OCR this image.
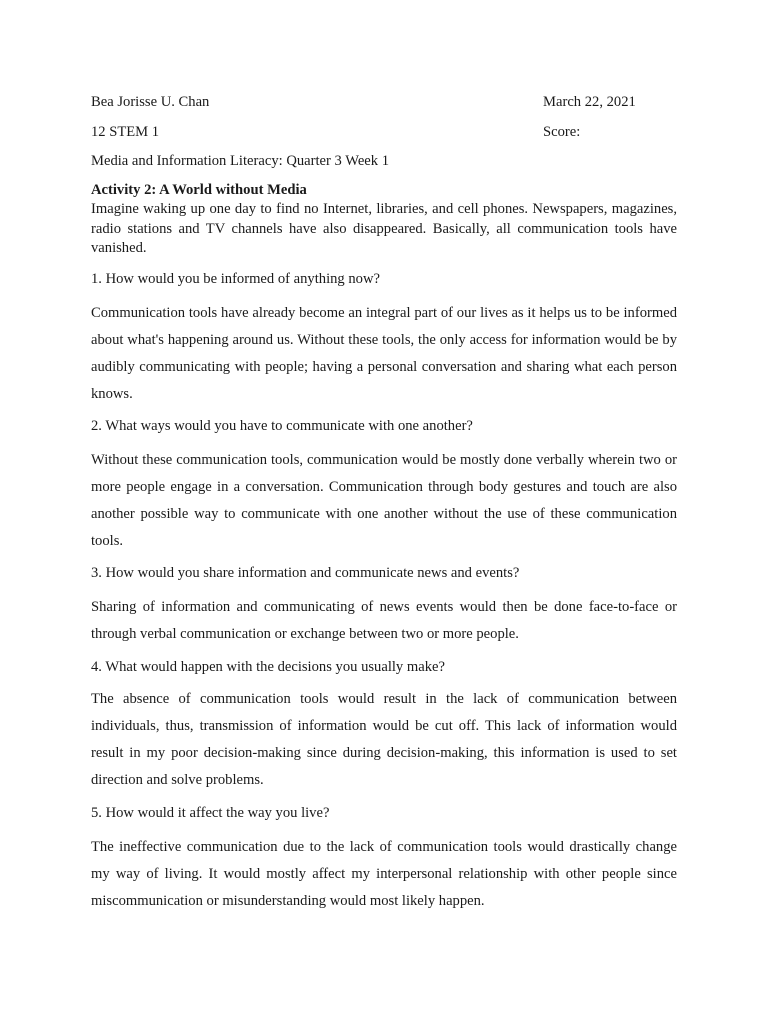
Bea Jorisse U. Chan	March 22, 2021
12 STEM 1	Score:
Media and Information Literacy: Quarter 3 Week 1
Activity 2: A World without Media

Imagine waking up one day to find no Internet, libraries, and cell phones. Newspapers, magazines, radio stations and TV channels have also disappeared. Basically, all communication tools have vanished.

1. How would you be informed of anything now?

Communication tools have already become an integral part of our lives as it helps us to be informed about what's happening around us. Without these tools, the only access for information would be by audibly communicating with people; having a personal conversation and sharing what each person knows.

2. What ways would you have to communicate with one another?

Without these communication tools, communication would be mostly done verbally wherein two or more people engage in a conversation. Communication through body gestures and touch are also another possible way to communicate with one another without the use of these communication tools.

3. How would you share information and communicate news and events?

Sharing of information and communicating of news events would then be done face-to-face or through verbal communication or exchange between two or more people.

4. What would happen with the decisions you usually make?

The absence of communication tools would result in the lack of communication between individuals, thus, transmission of information would be cut off. This lack of information would result in my poor decision-making since during decision-making, this information is used to set direction and solve problems.

5. How would it affect the way you live?

The ineffective communication due to the lack of communication tools would drastically change my way of living. It would mostly affect my interpersonal relationship with other people since miscommunication or misunderstanding would most likely happen.
